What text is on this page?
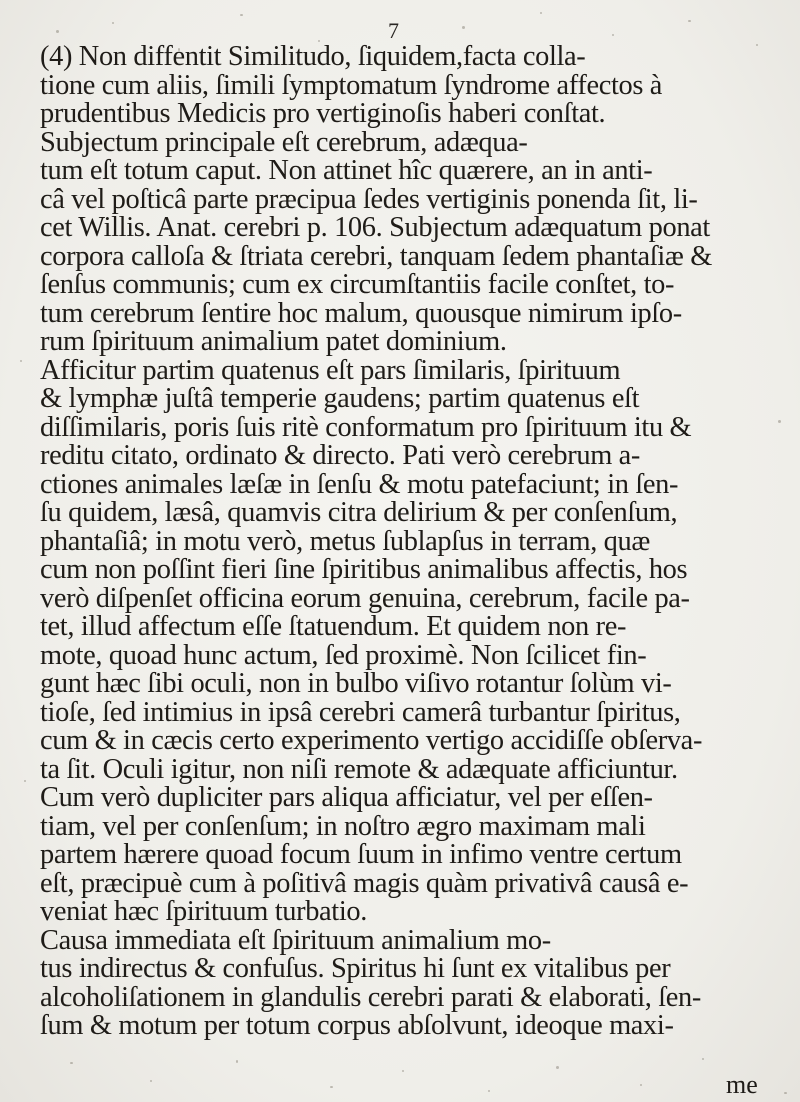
7
(4) Non diffentit Similitudo, ſiquidem,facta colla-
tione cum aliis, ſimili ſymptomatum ſyndrome affectos à
prudentibus Medicis pro vertiginoſis haberi conſtat.
Subjectum principale eſt cerebrum, adæqua-
tum eſt totum caput. Non attinet hîc quærere, an in anti-
câ vel poſticâ parte præcipua ſedes vertiginis ponenda ſit, li-
cet Willis. Anat. cerebri p. 106. Subjectum adæquatum ponat
corpora calloſa & ſtriata cerebri, tanquam ſedem phantaſiæ &
ſenſus communis; cum ex circumſtantiis facile conſtet, to-
tum cerebrum ſentire hoc malum, quousque nimirum ipſo-
rum ſpirituum animalium patet dominium.
Afficitur partim quatenus eſt pars ſimilaris, ſpirituum
& lymphæ juſtâ temperie gaudens; partim quatenus eſt
diſſimilaris, poris ſuis ritè conformatum pro ſpirituum itu &
reditu citato, ordinato & directo. Pati verò cerebrum a-
ctiones animales læſæ in ſenſu & motu patefaciunt; in ſen-
ſu quidem, læsâ, quamvis citra delirium & per conſenſum,
phantaſiâ; in motu verò, metus ſublapſus in terram, quæ
cum non poſſint fieri ſine ſpiritibus animalibus affectis, hos
verò diſpenſet officina eorum genuina, cerebrum, facile pa-
tet, illud affectum eſſe ſtatuendum. Et quidem non re-
mote, quoad hunc actum, ſed proximè. Non ſcilicet fin-
gunt hæc ſibi oculi, non in bulbo viſivo rotantur ſolùm vi-
tioſe, ſed intimius in ipsâ cerebri camerâ turbantur ſpiritus,
cum & in cæcis certo experimento vertigo accidiſſe obſerva-
ta ſit. Oculi igitur, non niſi remote & adæquate afficiuntur.
Cum verò dupliciter pars aliqua afficiatur, vel per eſſen-
tiam, vel per conſenſum; in noſtro ægro maximam mali
partem hærere quoad focum ſuum in infimo ventre certum
eſt, præcipuè cum à poſitivâ magis quàm privativâ causâ e-
veniat hæc ſpirituum turbatio.
Causa immediata eſt ſpirituum animalium mo-
tus indirectus & confuſus. Spiritus hi ſunt ex vitalibus per
alcoholiſationem in glandulis cerebri parati & elaborati, ſen-
ſum & motum per totum corpus abſolvunt, ideoque maxi-
me
